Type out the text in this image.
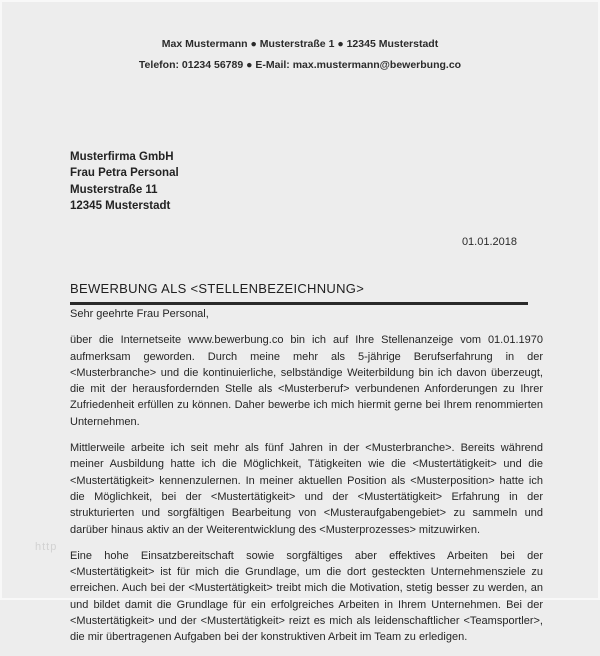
Max Mustermann ● Musterstraße 1 ● 12345 Musterstadt
Telefon: 01234 56789 ● E-Mail: max.mustermann@bewerbung.co
Musterfirma GmbH
Frau Petra Personal
Musterstraße 11
12345 Musterstadt
01.01.2018
BEWERBUNG ALS <STELLENBEZEICHNUNG>

Sehr geehrte Frau Personal,

über die Internetseite www.bewerbung.co bin ich auf Ihre Stellenanzeige vom 01.01.1970 aufmerksam geworden. Durch meine mehr als 5-jährige Berufserfahrung in der <Musterbranche> und die kontinuierliche, selbständige Weiterbildung bin ich davon überzeugt, die mit der herausfordernden Stelle als <Musterberuf> verbundenen Anforderungen zu Ihrer Zufriedenheit erfüllen zu können. Daher bewerbe ich mich hiermit gerne bei Ihrem renommierten Unternehmen.

Mittlerweile arbeite ich seit mehr als fünf Jahren in der <Musterbranche>. Bereits während meiner Ausbildung hatte ich die Möglichkeit, Tätigkeiten wie die <Mustertätigkeit> und die <Mustertätigkeit> kennenzulernen. In meiner aktuellen Position als <Musterposition> hatte ich die Möglichkeit, bei der <Mustertätigkeit> und der <Mustertätigkeit> Erfahrung in der strukturierten und sorgfältigen Bearbeitung von <Musteraufgabengebiet> zu sammeln und darüber hinaus aktiv an der Weiterentwicklung des <Musterprozesses> mitzuwirken.

Eine hohe Einsatzbereitschaft sowie sorgfältiges aber effektives Arbeiten bei der <Mustertätigkeit> ist für mich die Grundlage, um die dort gesteckten Unternehmensziele zu erreichen. Auch bei der <Mustertätigkeit> treibt mich die Motivation, stetig besser zu werden, an und bildet damit die Grundlage für ein erfolgreiches Arbeiten in Ihrem Unternehmen. Bei der <Mustertätigkeit> und der <Mustertätigkeit> reizt es mich als leidenschaftlicher <Teamsportler>, die mir übertragenen Aufgaben bei der konstruktiven Arbeit im Team zu erledigen.

http
